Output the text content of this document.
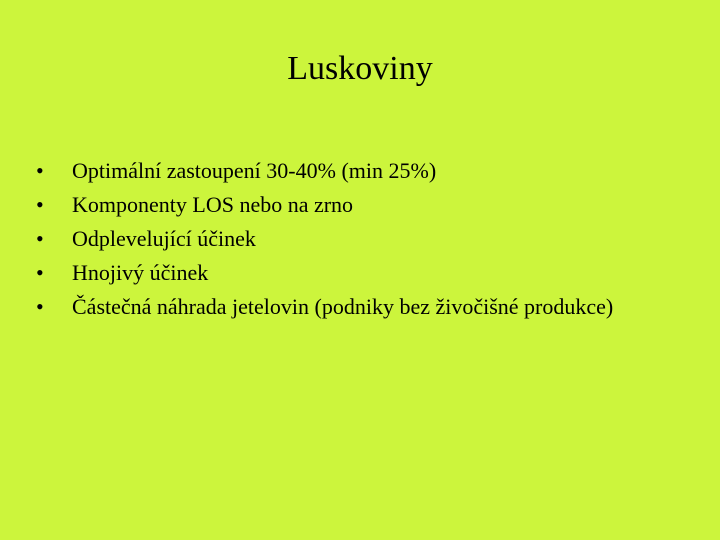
Luskoviny
• Optimální zastoupení 30-40% (min 25%)
• Komponenty LOS nebo na zrno
• Odplevelující účinek
• Hnojivý účinek
• Částečná náhrada jetelovin (podniky bez živočišné produkce)
